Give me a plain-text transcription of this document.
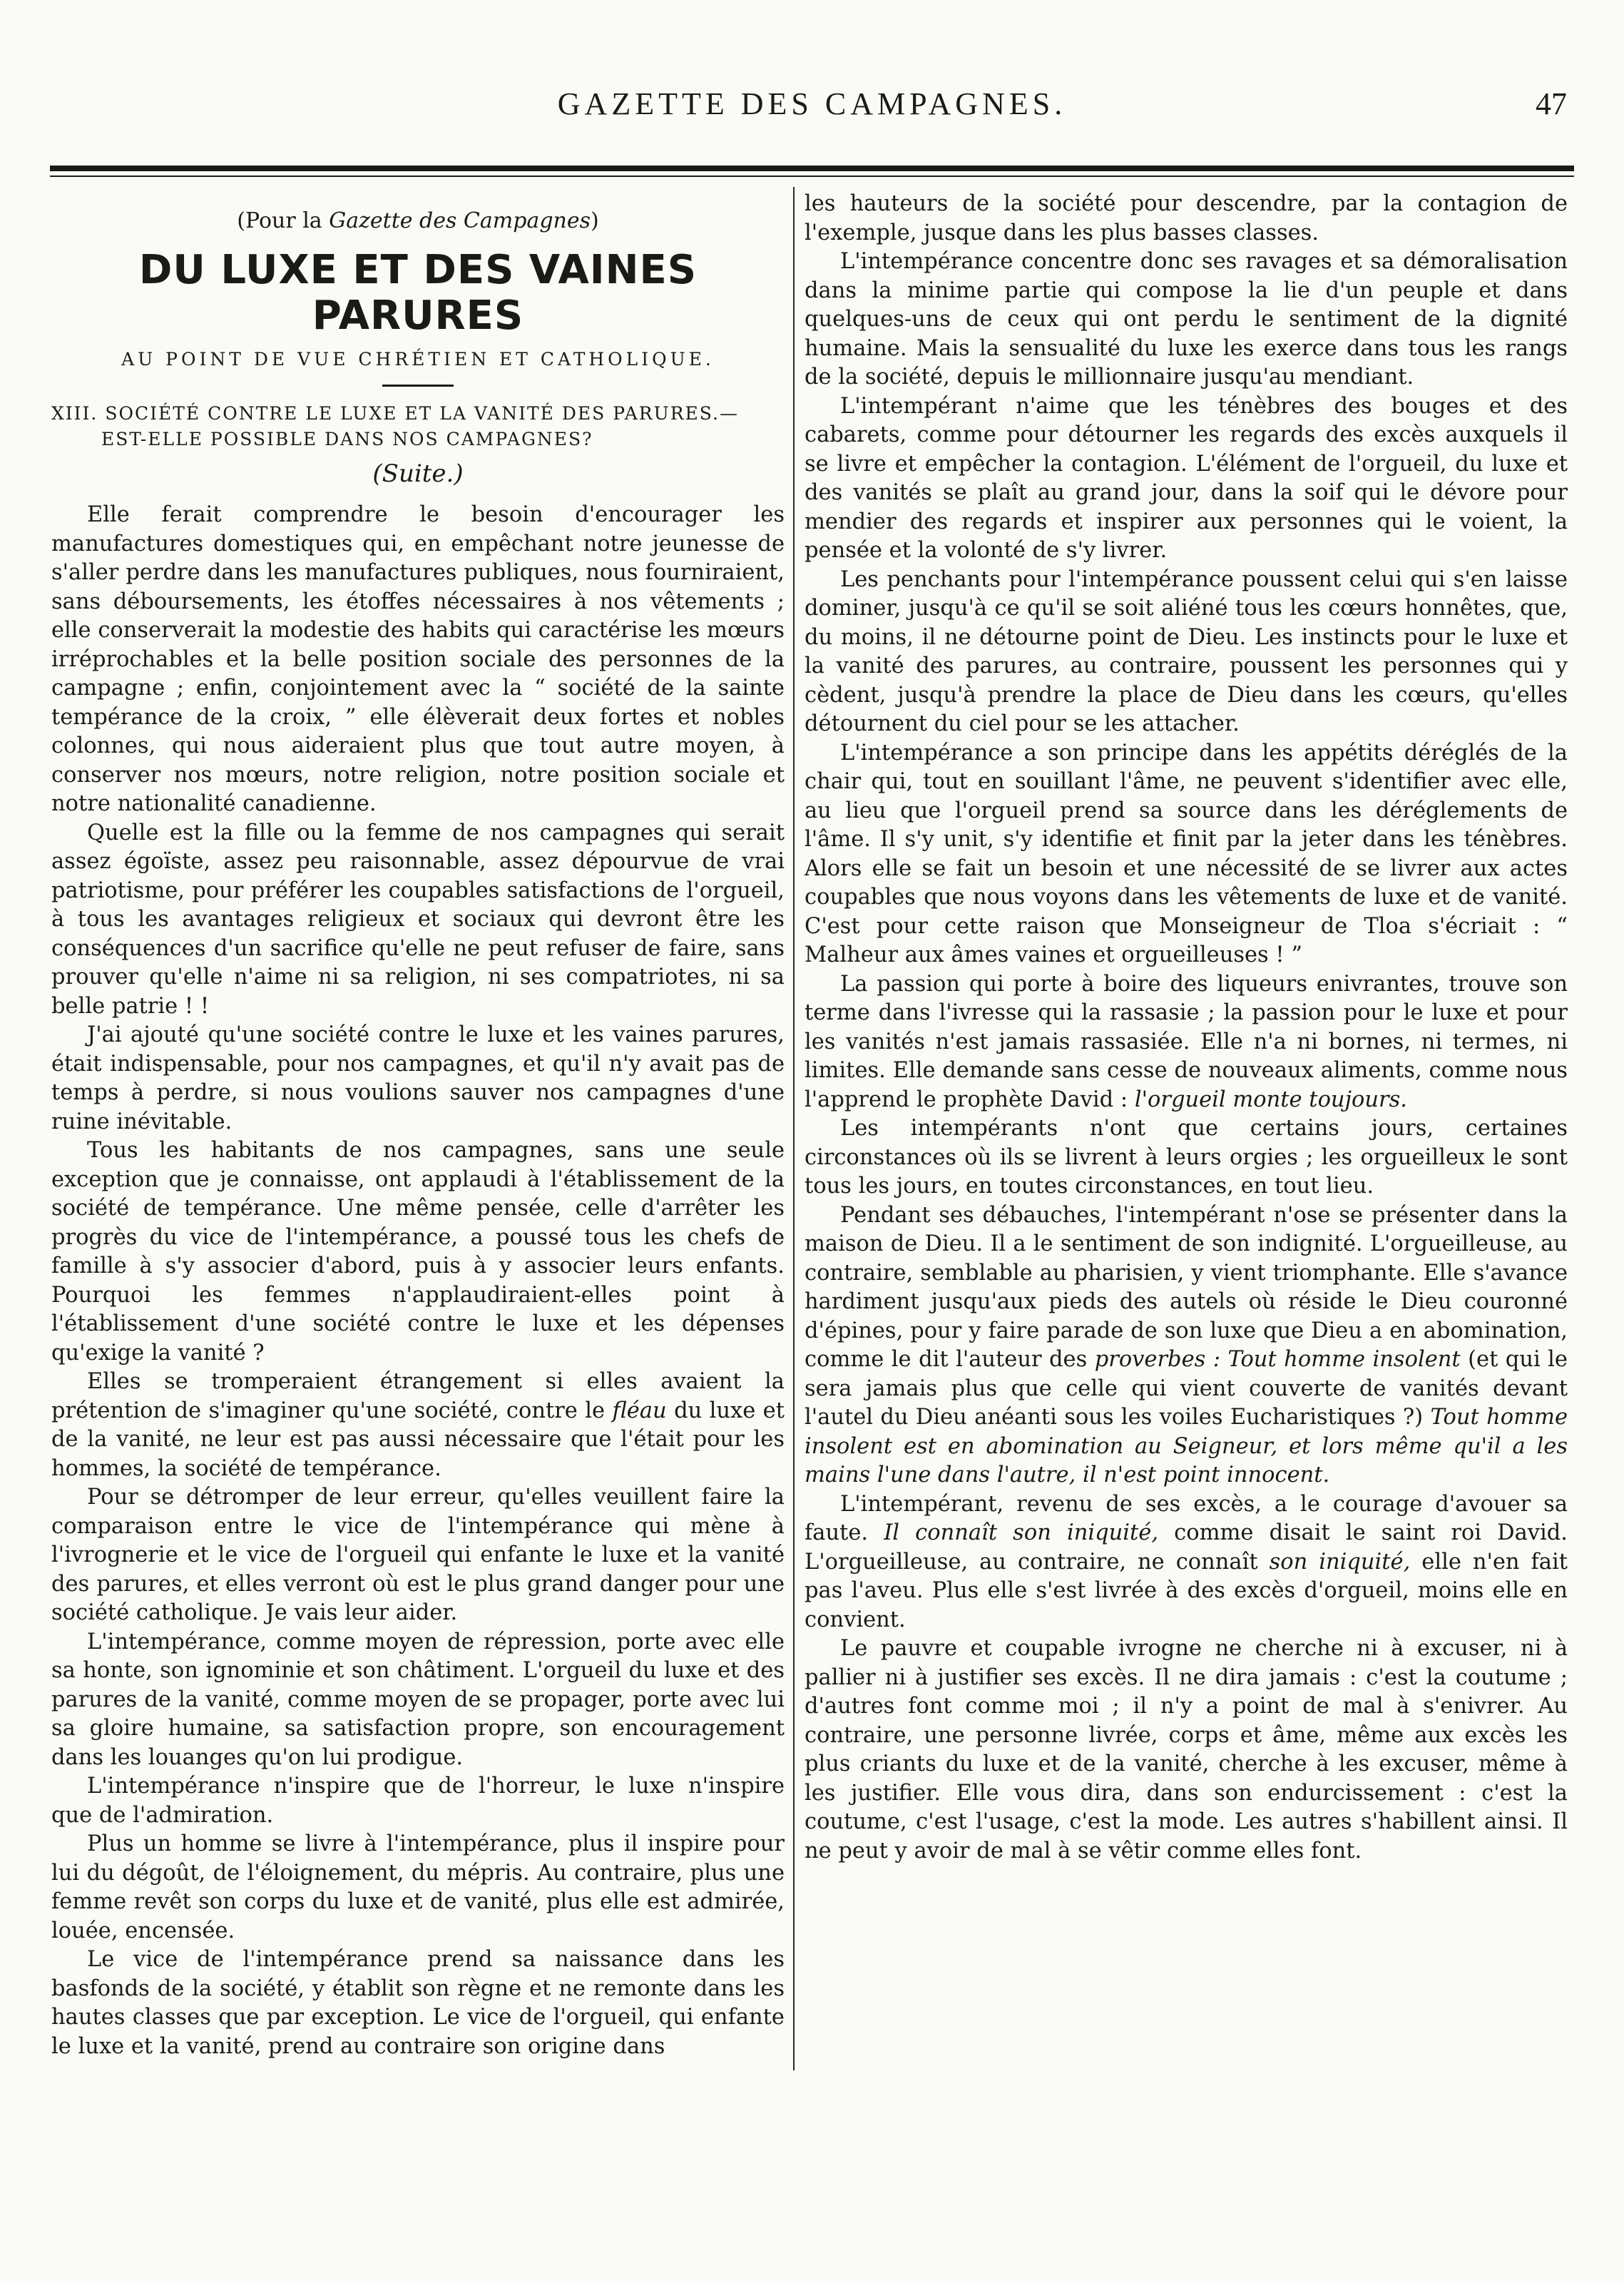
GAZETTE DES CAMPAGNES.	47
(Pour la Gazette des Campagnes)
DU LUXE ET DES VAINES PARURES
AU POINT DE VUE CHRÉTIEN ET CATHOLIQUE.
XIII. SOCIÉTÉ CONTRE LE LUXE ET LA VANITÉ DES PARURES.—EST-ELLE POSSIBLE DANS NOS CAMPAGNES?
(Suite.)

Elle ferait comprendre le besoin d'encourager les manufactures domestiques qui, en empêchant notre jeunesse de s'aller perdre dans les manufactures publiques, nous fourniraient, sans déboursements, les étoffes nécessaires à nos vêtements ; elle conserverait la modestie des habits qui caractérise les mœurs irréprochables et la belle position sociale des personnes de la campagne ; enfin, conjointement avec la “ société de la sainte tempérance de la croix, ” elle élèverait deux fortes et nobles colonnes, qui nous aideraient plus que tout autre moyen, à conserver nos mœurs, notre religion, notre position sociale et notre nationalité canadienne.

Quelle est la fille ou la femme de nos campagnes qui serait assez égoïste, assez peu raisonnable, assez dépourvue de vrai patriotisme, pour préférer les coupables satisfactions de l'orgueil, à tous les avantages religieux et sociaux qui devront être les conséquences d'un sacrifice qu'elle ne peut refuser de faire, sans prouver qu'elle n'aime ni sa religion, ni ses compatriotes, ni sa belle patrie ! !

J'ai ajouté qu'une société contre le luxe et les vaines parures, était indispensable, pour nos campagnes, et qu'il n'y avait pas de temps à perdre, si nous voulions sauver nos campagnes d'une ruine inévitable.

Tous les habitants de nos campagnes, sans une seule exception que je connaisse, ont applaudi à l'établissement de la société de tempérance. Une même pensée, celle d'arrêter les progrès du vice de l'intempérance, a poussé tous les chefs de famille à s'y associer d'abord, puis à y associer leurs enfants. Pourquoi les femmes n'applaudiraient-elles point à l'établissement d'une société contre le luxe et les dépenses qu'exige la vanité ?

Elles se tromperaient étrangement si elles avaient la prétention de s'imaginer qu'une société, contre le fléau du luxe et de la vanité, ne leur est pas aussi nécessaire que l'était pour les hommes, la société de tempérance.

Pour se détromper de leur erreur, qu'elles veuillent faire la comparaison entre le vice de l'intempérance qui mène à l'ivrognerie et le vice de l'orgueil qui enfante le luxe et la vanité des parures, et elles verront où est le plus grand danger pour une société catholique. Je vais leur aider.

L'intempérance, comme moyen de répression, porte avec elle sa honte, son ignominie et son châtiment. L'orgueil du luxe et des parures de la vanité, comme moyen de se propager, porte avec lui sa gloire humaine, sa satisfaction propre, son encouragement dans les louanges qu'on lui prodigue.

L'intempérance n'inspire que de l'horreur, le luxe n'inspire que de l'admiration.

Plus un homme se livre à l'intempérance, plus il inspire pour lui du dégoût, de l'éloignement, du mépris. Au contraire, plus une femme revêt son corps du luxe et de vanité, plus elle est admirée, louée, encensée.

Le vice de l'intempérance prend sa naissance dans les basfonds de la société, y établit son règne et ne remonte dans les hautes classes que par exception. Le vice de l'orgueil, qui enfante le luxe et la vanité, prend au contraire son origine dans

les hauteurs de la société pour descendre, par la contagion de l'exemple, jusque dans les plus basses classes.

L'intempérance concentre donc ses ravages et sa démoralisation dans la minime partie qui compose la lie d'un peuple et dans quelques-uns de ceux qui ont perdu le sentiment de la dignité humaine. Mais la sensualité du luxe les exerce dans tous les rangs de la société, depuis le millionnaire jusqu'au mendiant.

L'intempérant n'aime que les ténèbres des bouges et des cabarets, comme pour détourner les regards des excès auxquels il se livre et empêcher la contagion. L'élément de l'orgueil, du luxe et des vanités se plaît au grand jour, dans la soif qui le dévore pour mendier des regards et inspirer aux personnes qui le voient, la pensée et la volonté de s'y livrer.

Les penchants pour l'intempérance poussent celui qui s'en laisse dominer, jusqu'à ce qu'il se soit aliéné tous les cœurs honnêtes, que, du moins, il ne détourne point de Dieu. Les instincts pour le luxe et la vanité des parures, au contraire, poussent les personnes qui y cèdent, jusqu'à prendre la place de Dieu dans les cœurs, qu'elles détournent du ciel pour se les attacher.

L'intempérance a son principe dans les appétits déréglés de la chair qui, tout en souillant l'âme, ne peuvent s'identifier avec elle, au lieu que l'orgueil prend sa source dans les déréglements de l'âme. Il s'y unit, s'y identifie et finit par la jeter dans les ténèbres. Alors elle se fait un besoin et une nécessité de se livrer aux actes coupables que nous voyons dans les vêtements de luxe et de vanité. C'est pour cette raison que Monseigneur de Tloa s'écriait : “ Malheur aux âmes vaines et orgueilleuses ! ”

La passion qui porte à boire des liqueurs enivrantes, trouve son terme dans l'ivresse qui la rassasie ; la passion pour le luxe et pour les vanités n'est jamais rassasiée. Elle n'a ni bornes, ni termes, ni limites. Elle demande sans cesse de nouveaux aliments, comme nous l'apprend le prophète David : l'orgueil monte toujours.

Les intempérants n'ont que certains jours, certaines circonstances où ils se livrent à leurs orgies ; les orgueilleux le sont tous les jours, en toutes circonstances, en tout lieu.

Pendant ses débauches, l'intempérant n'ose se présenter dans la maison de Dieu. Il a le sentiment de son indignité. L'orgueilleuse, au contraire, semblable au pharisien, y vient triomphante. Elle s'avance hardiment jusqu'aux pieds des autels où réside le Dieu couronné d'épines, pour y faire parade de son luxe que Dieu a en abomination, comme le dit l'auteur des proverbes : Tout homme insolent (et qui le sera jamais plus que celle qui vient couverte de vanités devant l'autel du Dieu anéanti sous les voiles Eucharistiques ?) Tout homme insolent est en abomination au Seigneur, et lors même qu'il a les mains l'une dans l'autre, il n'est point innocent.

L'intempérant, revenu de ses excès, a le courage d'avouer sa faute. Il connaît son iniquité, comme disait le saint roi David. L'orgueilleuse, au contraire, ne connaît son iniquité, elle n'en fait pas l'aveu. Plus elle s'est livrée à des excès d'orgueil, moins elle en convient.

Le pauvre et coupable ivrogne ne cherche ni à excuser, ni à pallier ni à justifier ses excès. Il ne dira jamais : c'est la coutume ; d'autres font comme moi ; il n'y a point de mal à s'enivrer. Au contraire, une personne livrée, corps et âme, même aux excès les plus criants du luxe et de la vanité, cherche à les excuser, même à les justifier. Elle vous dira, dans son endurcissement : c'est la coutume, c'est l'usage, c'est la mode. Les autres s'habillent ainsi. Il ne peut y avoir de mal à se vêtir comme elles font.
